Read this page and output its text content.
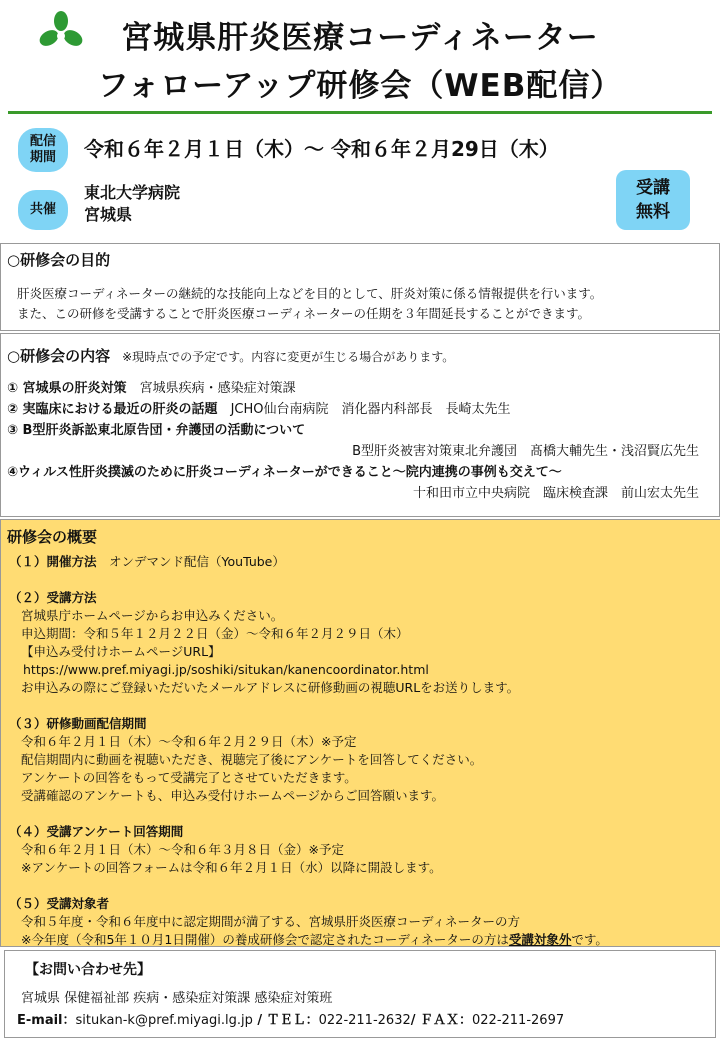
宮城県肝炎医療コーディネーター
フォローアップ研修会（WEB配信）
配信
期間 令和６年２月１日（木）～ 令和６年２月29日（木）
共催
東北大学病院
宮城県
受講
無料
○研修会の目的
肝炎医療コーディネーターの継続的な技能向上などを目的として、肝炎対策に係る情報提供を行います。
また、この研修を受講することで肝炎医療コーディネーターの任期を３年間延長することができます。
○研修会の内容 ※現時点での予定です。内容に変更が生じる場合があります。
① 宮城県の肝炎対策　 宮城県疾病・感染症対策課
② 実臨床における最近の肝炎の話題　 JCHO仙台南病院　消化器内科部長　長崎太先生
③ B型肝炎訴訟東北原告団・弁護団の活動について
B型肝炎被害対策東北弁護団　髙橋大輔先生・浅沼賢広先生
④ウィルス性肝炎撲滅のために肝炎コーディネーターができること～院内連携の事例も交えて～
十和田市立中央病院　臨床検査課　前山宏太先生
研修会の概要
（１）開催方法　 オンデマンド配信（YouTube）

（２）受講方法
宮城県庁ホームページからお申込みください。
申込期間：令和５年１２月２２日（金）～令和６年２月２９日（木）
【申込み受付けホームページURL】
https://www.pref.miyagi.jp/soshiki/situkan/kanencoordinator.html
お申込みの際にご登録いただいたメールアドレスに研修動画の視聴URLをお送りします。

（３）研修動画配信期間
令和６年２月１日（木）～令和６年２月２９日（木）※予定
配信期間内に動画を視聴いただき、視聴完了後にアンケートを回答してください。
アンケートの回答をもって受講完了とさせていただきます。
受講確認のアンケートも、申込み受付けホームページからご回答願います。

（４）受講アンケート回答期間
令和６年２月１日（木）～令和６年３月８日（金）※予定
※アンケートの回答フォームは令和６年２月１日（水）以降に開設します。

（５）受講対象者
令和５年度・令和６年度中に認定期間が満了する、宮城県肝炎医療コーディネーターの方
※今年度（令和5年１０月1日開催）の養成研修会で認定されたコーディネーターの方は受講対象外です。
【お問い合わせ先】
宮城県 保健福祉部 疾病・感染症対策課 感染症対策班
E-mail：situkan-k@pref.miyagi.lg.jp / ＴＥＬ：022-211-2632/ ＦＡＸ：022-211-2697
